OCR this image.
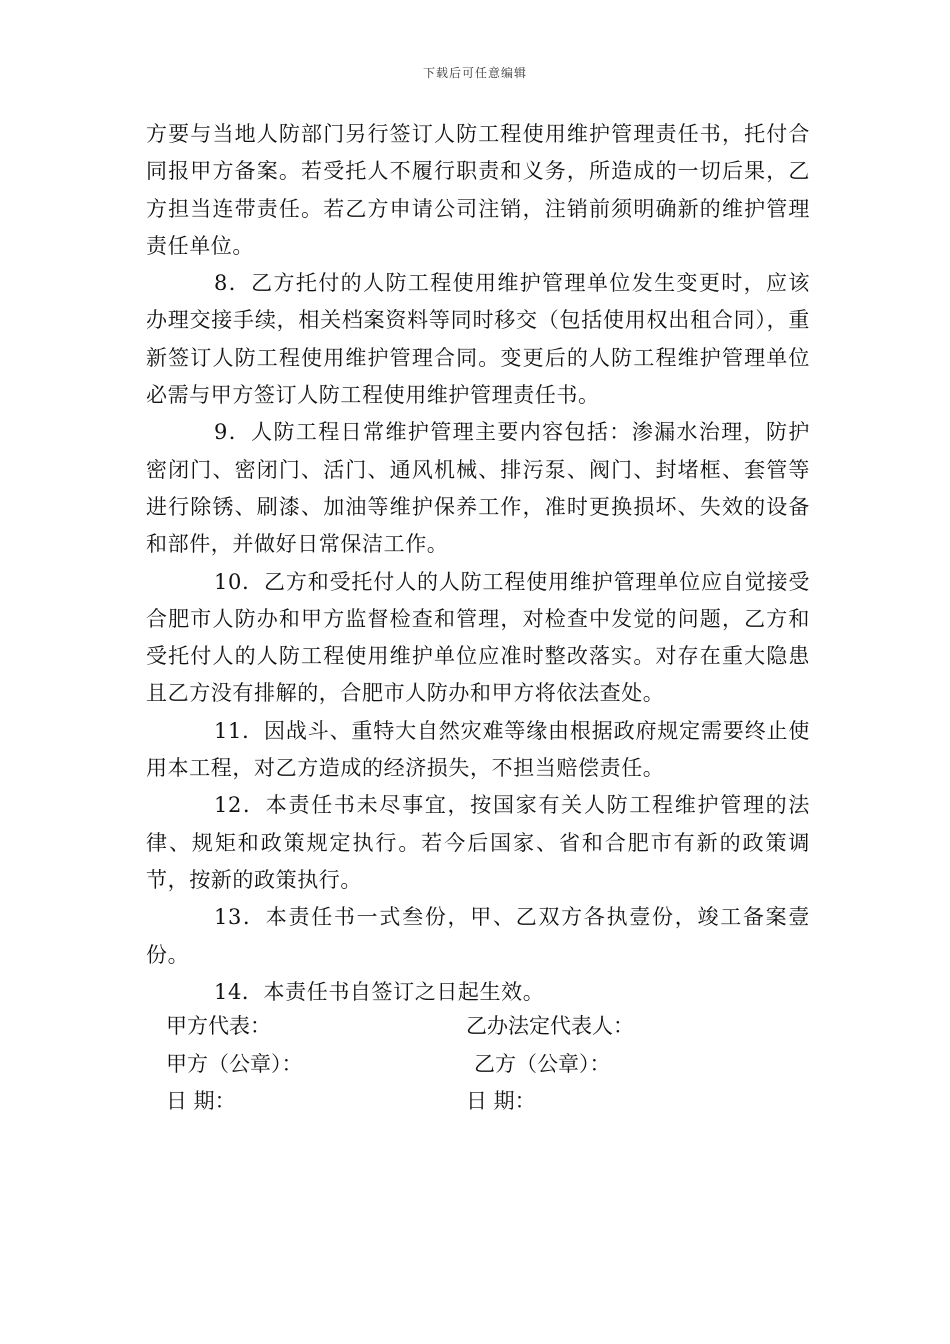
下载后可任意编辑

方要与当地人防部门另行签订人防工程使用维护管理责任书，托付合同报甲方备案。若受托人不履行职责和义务，所造成的一切后果，乙方担当连带责任。若乙方申请公司注销，注销前须明确新的维护管理责任单位。

8．乙方托付的人防工程使用维护管理单位发生变更时，应该办理交接手续，相关档案资料等同时移交（包括使用权出租合同），重新签订人防工程使用维护管理合同。变更后的人防工程维护管理单位必需与甲方签订人防工程使用维护管理责任书。

9．人防工程日常维护管理主要内容包括：渗漏水治理，防护密闭门、密闭门、活门、通风机械、排污泵、阀门、封堵框、套管等进行除锈、刷漆、加油等维护保养工作，准时更换损坏、失效的设备和部件，并做好日常保洁工作。

10．乙方和受托付人的人防工程使用维护管理单位应自觉接受合肥市人防办和甲方监督检查和管理，对检查中发觉的问题，乙方和受托付人的人防工程使用维护单位应准时整改落实。对存在重大隐患且乙方没有排解的，合肥市人防办和甲方将依法查处。

11．因战斗、重特大自然灾难等缘由根据政府规定需要终止使用本工程，对乙方造成的经济损失，不担当赔偿责任。

12．本责任书未尽事宜，按国家有关人防工程维护管理的法律、规矩和政策规定执行。若今后国家、省和合肥市有新的政策调节，按新的政策执行。

13．本责任书一式叁份，甲、乙双方各执壹份，竣工备案壹份。

14．本责任书自签订之日起生效。

甲方代表：	乙办法定代表人：
甲方（公章）：	乙方（公章）：
日 期：	日 期：
